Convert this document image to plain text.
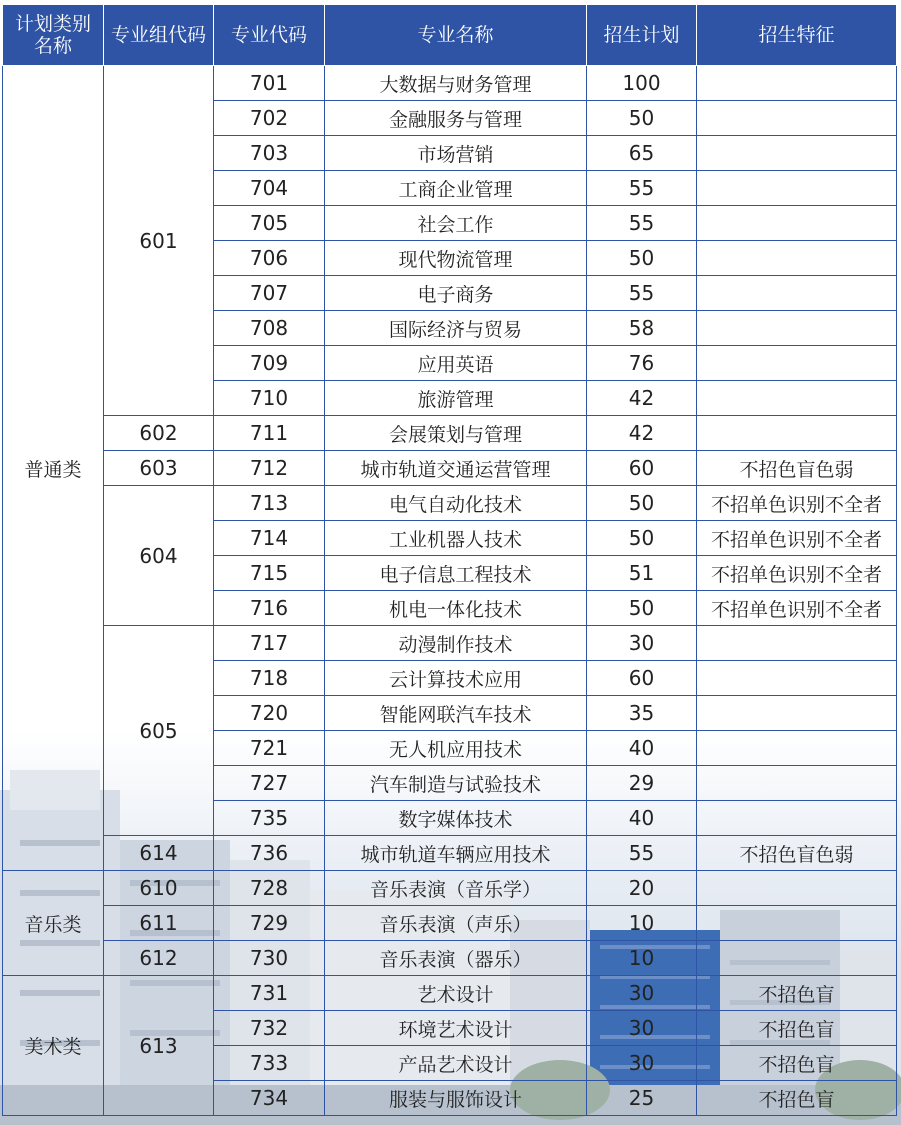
计划类别
名称	专业组代码	专业代码	专业名称	招生计划	招生特征
普通类	601	701	大数据与财务管理	100	
		702	金融服务与管理	50	
		703	市场营销	65	
		704	工商企业管理	55	
		705	社会工作	55	
		706	现代物流管理	50	
		707	电子商务	55	
		708	国际经济与贸易	58	
		709	应用英语	76	
		710	旅游管理	42	
	602	711	会展策划与管理	42	
	603	712	城市轨道交通运营管理	60	不招色盲色弱
	604	713	电气自动化技术	50	不招单色识别不全者
		714	工业机器人技术	50	不招单色识别不全者
		715	电子信息工程技术	51	不招单色识别不全者
		716	机电一体化技术	50	不招单色识别不全者
	605	717	动漫制作技术	30	
		718	云计算技术应用	60	
		720	智能网联汽车技术	35	
		721	无人机应用技术	40	
		727	汽车制造与试验技术	29	
		735	数字媒体技术	40	
	614	736	城市轨道车辆应用技术	55	不招色盲色弱
音乐类	610	728	音乐表演（音乐学）	20	
	611	729	音乐表演（声乐）	10	
	612	730	音乐表演（器乐）	10	
美术类	613	731	艺术设计	30	不招色盲
		732	环境艺术设计	30	不招色盲
		733	产品艺术设计	30	不招色盲
		734	服装与服饰设计	25	不招色盲
